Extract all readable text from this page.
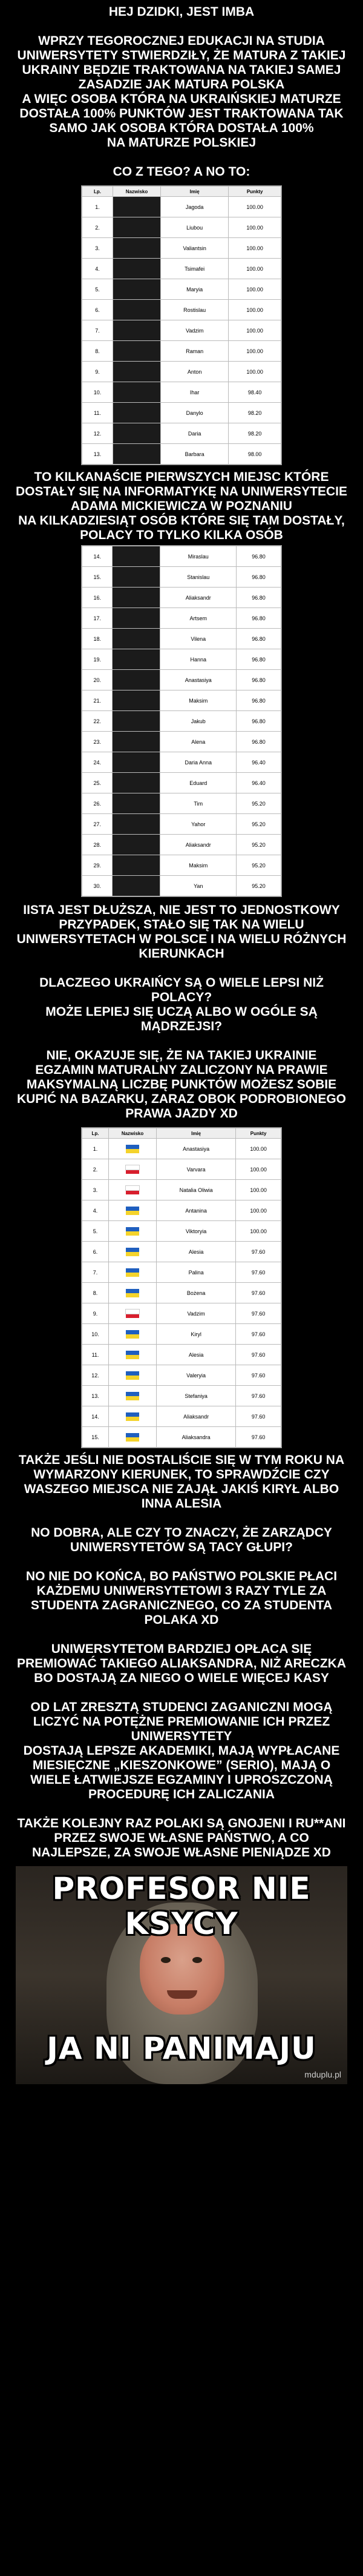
HEJ DZIDKI, JEST IMBA

WPRZY TEGOROCZNEJ EDUKACJI NA STUDIA UNIWERSYTETY STWIERDZIŁY, ŻE MATURA Z TAKIEJ UKRAINY BĘDZIE TRAKTOWANA NA TAKIEJ SAMEJ ZASADZIE JAK MATURA POLSKA
A WIĘC OSOBA KTÓRA NA UKRAIŃSKIEJ MATURZE DOSTAŁA 100% PUNKTÓW JEST TRAKTOWANA TAK SAMO JAK OSOBA KTÓRA DOSTAŁA 100%
NA MATURZE POLSKIEJ

CO Z TEGO? A NO TO:
Lp.	Nazwisko	Imię	Punkty
1.		Jagoda	100.00
2.		Liubou	100.00
3.		Valiantsin	100.00
4.		Tsimafei	100.00
5.		Maryia	100.00
6.		Rostislau	100.00
7.		Vadzim	100.00
8.		Raman	100.00
9.		Anton	100.00
10.		Ihar	98.40
11.		Danylo	98.20
12.		Daria	98.20
13.		Barbara	98.00
TO KILKANAŚCIE PIERWSZYCH MIEJSC KTÓRE DOSTAŁY SIĘ NA INFORMATYKĘ NA UNIWERSYTECIE ADAMA MICKIEWICZA W POZNANIU
NA KILKADZIESIĄT OSÓB KTÓRE SIĘ TAM DOSTAŁY, POLACY TO TYLKO KILKA OSÓB
14.		Miraslau	96.80
15.		Stanislau	96.80
16.		Aliaksandr	96.80
17.		Artsem	96.80
18.		Vilena	96.80
19.		Hanna	96.80
20.		Anastasiya	96.80
21.		Maksim	96.80
22.		Jakub	96.80
23.		Alena	96.80
24.		Daria Anna	96.40
25.		Eduard	96.40
26.		Tim	95.20
27.		Yahor	95.20
28.		Aliaksandr	95.20
29.		Maksim	95.20
30.		Yan	95.20
IISTA JEST DŁUŻSZA, NIE JEST TO JEDNOSTKOWY PRZYPADEK, STAŁO SIĘ TAK NA WIELU UNIWERSYTETACH W POLSCE I NA WIELU RÓŻNYCH KIERUNKACH

DLACZEGO UKRAIŃCY SĄ O WIELE LEPSI NIŻ POLACY?
MOŻE LEPIEJ SIĘ UCZĄ ALBO W OGÓLE SĄ MĄDRZEJSI?

NIE, OKAZUJE SIĘ, ŻE NA TAKIEJ UKRAINIE EGZAMIN MATURALNY ZALICZONY NA PRAWIE MAKSYMALNĄ LICZBĘ PUNKTÓW MOŻESZ SOBIE KUPIĆ NA BAZARKU, ZARAZ OBOK PODROBIONEGO PRAWA JAZDY XD
Lp.	Nazwisko	Imię	Punkty
1.		Anastasiya	100.00
2.		Varvara	100.00
3.		Natalia Oliwia	100.00
4.		Antanina	100.00
5.		Viktoryia	100.00
6.		Alesia	97.60
7.		Palina	97.60
8.		Bożena	97.60
9.		Vadzim	97.60
10.		Kiryl	97.60
11.		Alesia	97.60
12.		Valeryia	97.60
13.		Stefaniya	97.60
14.		Aliaksandr	97.60
15.		Aliaksandra	97.60
TAKŻE JEŚLI NIE DOSTALIŚCIE SIĘ W TYM ROKU NA WYMARZONY KIERUNEK, TO SPRAWDŹCIE CZY WASZEGO MIEJSCA NIE ZAJĄŁ JAKIŚ KIRYŁ ALBO INNA ALESIA

NO DOBRA, ALE CZY TO ZNACZY, ŻE ZARZĄDCY UNIWERSYTETÓW SĄ TACY GŁUPI?

NO NIE DO KOŃCA, BO PAŃSTWO POLSKIE PŁACI KAŻDEMU UNIWERSYTETOWI 3 RAZY TYLE ZA STUDENTA ZAGRANICZNEGO, CO ZA STUDENTA POLAKA XD

UNIWERSYTETOM BARDZIEJ OPŁACA SIĘ PREMIOWAĆ TAKIEGO ALIAKSANDRA, NIŻ ARECZKA BO DOSTAJĄ ZA NIEGO O WIELE WIĘCEJ KASY

OD LAT ZRESZTĄ STUDENCI ZAGANICZNI MOGĄ LICZYĆ NA POTĘŻNE PREMIOWANIE ICH PRZEZ UNIWERSYTETY
DOSTAJĄ LEPSZE AKADEMIKI, MAJĄ WYPŁACANE MIESIĘCZNE „KIESZONKOWE” (SERIO), MAJĄ O WIELE ŁATWIEJSZE EGZAMINY I UPROSZCZONĄ PROCEDURĘ ICH ZALICZANIA

TAKŻE KOLEJNY RAZ POLAKI SĄ GNOJENI I RU**ANI PRZEZ SWOJE WŁASNE PAŃSTWO, A CO NAJLEPSZE, ZA SWOJE WŁASNE PIENIĄDZE XD
PROFESOR NIE KSYCY
JA NI PANIMAJU
mduplu.pl
